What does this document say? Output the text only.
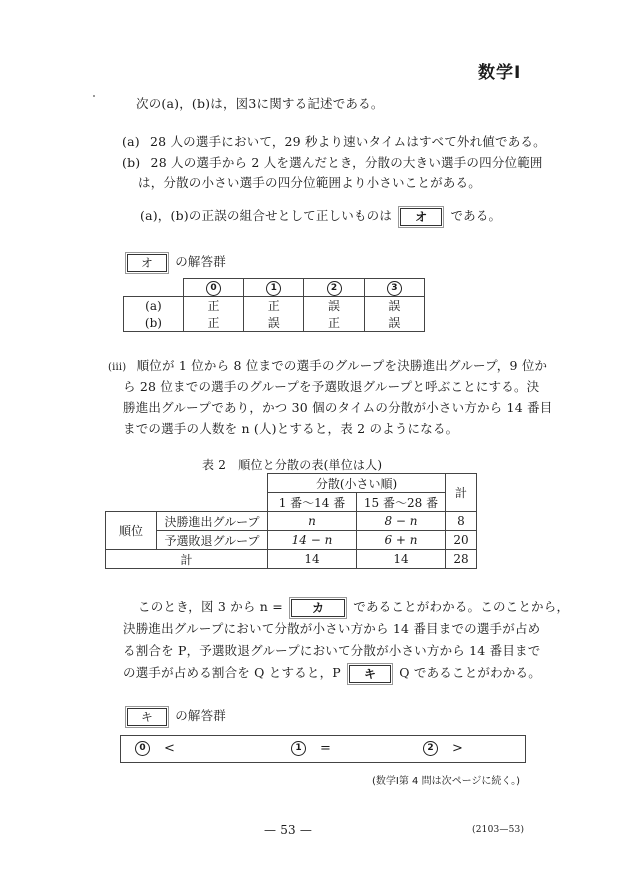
数学Ⅰ
次の(a)，(b)は，図3に関する記述である。
(a) 28 人の選手において，29 秒より速いタイムはすべて外れ値である。
(b) 28 人の選手から 2 人を選んだとき，分散の大きい選手の四分位範囲
は，分散の小さい選手の四分位範囲より小さいことがある。
(a)，(b)の正誤の組合せとして正しいものは オ である。
オ の解答群
	0	1	2	3
(a)	正	正	誤	誤
(b)	正	誤	正	誤
(iii) 順位が 1 位から 8 位までの選手のグループを決勝進出グループ，9 位か
ら 28 位までの選手のグループを予選敗退グループと呼ぶことにする。決
勝進出グループであり，かつ 30 個のタイムの分散が小さい方から 14 番目
までの選手の人数を n (人)とすると，表 2 のようになる。
表 2　順位と分散の表(単位は人)
		分散(小さい順)		計
		1 番～14 番	15 番～28 番	
順位	決勝進出グループ	n	8 − n	8
	予選敗退グループ	14 − n	6 + n	20
計		14	14	28
このとき，図 3 から n = カ であることがわかる。このことから，
決勝進出グループにおいて分散が小さい方から 14 番目までの選手が占め
る割合を P，予選敗退グループにおいて分散が小さい方から 14 番目まで
の選手が占める割合を Q とすると，P キ Q であることがわかる。
キ の解答群
0	<	1	=	2	>
(数学Ⅰ第 4 問は次ページに続く。)
— 53 —	(2103—53)
